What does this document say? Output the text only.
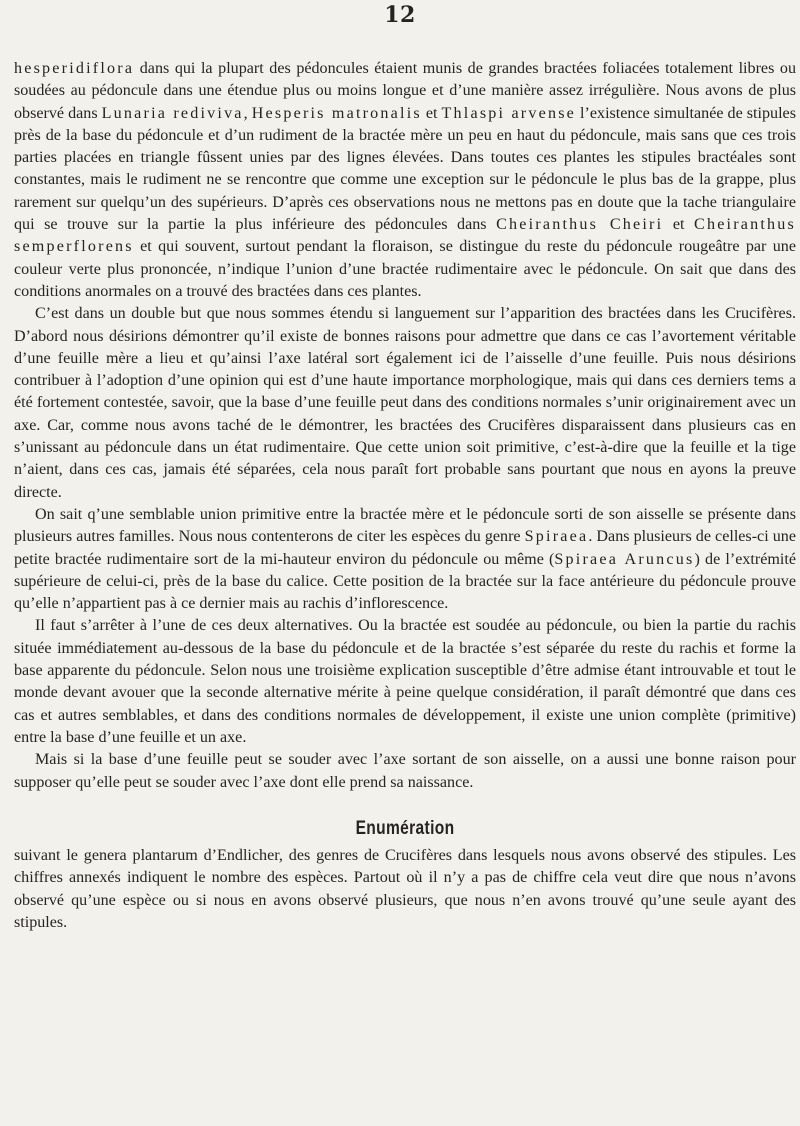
12

hesperidiflora dans qui la plupart des pédoncules étaient munis de grandes bractées foliacées totalement libres ou soudées au pédoncule dans une étendue plus ou moins longue et d’une manière assez irrégulière. Nous avons de plus observé dans Lunaria rediviva, Hesperis matronalis et Thlaspi arvense l’existence simultanée de stipules près de la base du pédoncule et d’un rudiment de la bractée mère un peu en haut du pédoncule, mais sans que ces trois parties placées en triangle fûssent unies par des lignes élevées. Dans toutes ces plantes les stipules bractéales sont constantes, mais le rudiment ne se rencontre que comme une exception sur le pédoncule le plus bas de la grappe, plus rarement sur quelqu’un des supérieurs. D’après ces observations nous ne mettons pas en doute que la tache triangulaire qui se trouve sur la partie la plus inférieure des pédoncules dans Cheiranthus Cheiri et Cheiranthus semperflorens et qui souvent, surtout pendant la floraison, se distingue du reste du pédoncule rougeâtre par une couleur verte plus prononcée, n’indique l’union d’une bractée rudimentaire avec le pédoncule. On sait que dans des conditions anormales on a trouvé des bractées dans ces plantes.

C’est dans un double but que nous sommes étendu si languement sur l’apparition des bractées dans les Crucifères. D’abord nous désirions démontrer qu’il existe de bonnes raisons pour admettre que dans ce cas l’avortement véritable d’une feuille mère a lieu et qu’ainsi l’axe latéral sort également ici de l’aisselle d’une feuille. Puis nous désirions contribuer à l’adoption d’une opinion qui est d’une haute importance morphologique, mais qui dans ces derniers tems a été fortement contestée, savoir, que la base d’une feuille peut dans des conditions normales s’unir originairement avec un axe. Car, comme nous avons taché de le démontrer, les bractées des Crucifères disparaissent dans plusieurs cas en s’unissant au pédoncule dans un état rudimentaire. Que cette union soit primitive, c’est-à-dire que la feuille et la tige n’aient, dans ces cas, jamais été séparées, cela nous paraît fort probable sans pourtant que nous en ayons la preuve directe.

On sait q’une semblable union primitive entre la bractée mère et le pédoncule sorti de son aisselle se présente dans plusieurs autres familles. Nous nous contenterons de citer les espèces du genre Spiraea. Dans plusieurs de celles-ci une petite bractée rudimentaire sort de la mi-hauteur environ du pédoncule ou même (Spiraea Aruncus) de l’extrémité supérieure de celui-ci, près de la base du calice. Cette position de la bractée sur la face antérieure du pédoncule prouve qu’elle n’appartient pas à ce dernier mais au rachis d’inflorescence.

Il faut s’arrêter à l’une de ces deux alternatives. Ou la bractée est soudée au pédoncule, ou bien la partie du rachis située immédiatement au-dessous de la base du pédoncule et de la bractée s’est séparée du reste du rachis et forme la base apparente du pédoncule. Selon nous une troisième explication susceptible d’être admise étant introuvable et tout le monde devant avouer que la seconde alternative mérite à peine quelque considération, il paraît démontré que dans ces cas et autres semblables, et dans des conditions normales de développement, il existe une union complète (primitive) entre la base d’une feuille et un axe.

Mais si la base d’une feuille peut se souder avec l’axe sortant de son aisselle, on a aussi une bonne raison pour supposer qu’elle peut se souder avec l’axe dont elle prend sa naissance.

Enumération

suivant le genera plantarum d’Endlicher, des genres de Crucifères dans lesquels nous avons observé des stipules. Les chiffres annexés indiquent le nombre des espèces. Partout où il n’y a pas de chiffre cela veut dire que nous n’avons observé qu’une espèce ou si nous en avons observé plusieurs, que nous n’en avons trouvé qu’une seule ayant des stipules.
